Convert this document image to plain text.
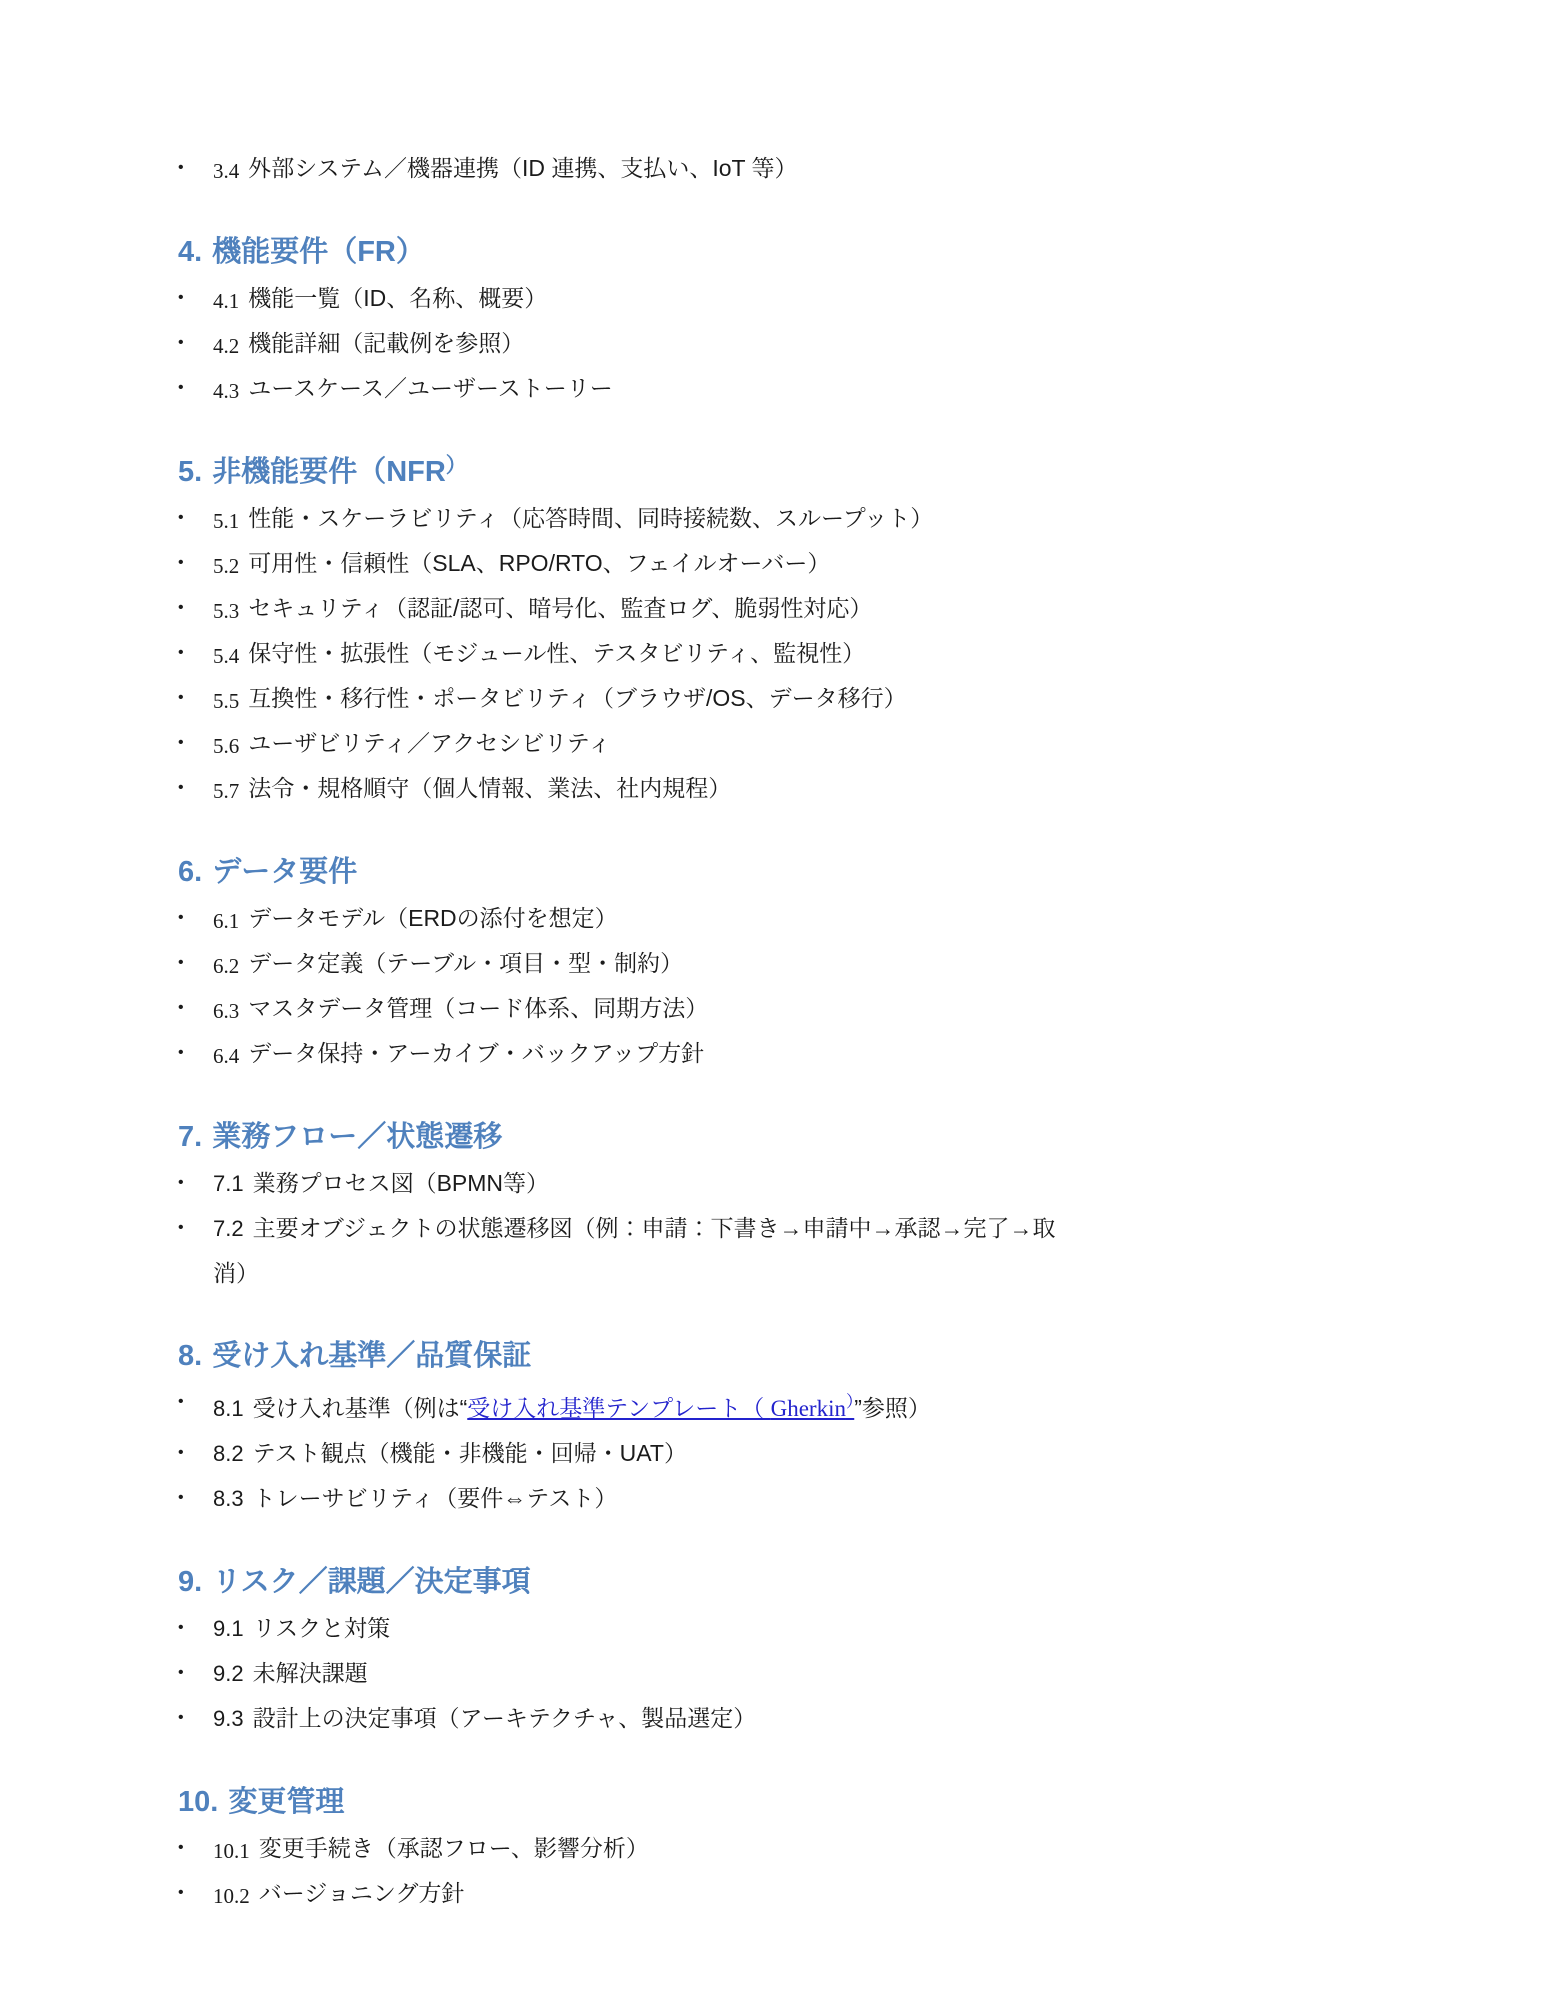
•	3.4 外部システム／機器連携（ID 連携、支払い、IoT 等）
4. 機能要件（FR）
•	4.1 機能一覧（ID、名称、概要）
•	4.2 機能詳細（記載例を参照）
•	4.3 ユースケース／ユーザーストーリー
5. 非機能要件（NFR）
•	5.1 性能・スケーラビリティ（応答時間、同時接続数、スループット）
•	5.2 可用性・信頼性（SLA、RPO/RTO、フェイルオーバー）
•	5.3 セキュリティ（認証/認可、暗号化、監査ログ、脆弱性対応）
•	5.4 保守性・拡張性（モジュール性、テスタビリティ、監視性）
•	5.5 互換性・移行性・ポータビリティ（ブラウザ/OS、データ移行）
•	5.6 ユーザビリティ／アクセシビリティ
•	5.7 法令・規格順守（個人情報、業法、社内規程）
6. データ要件
•	6.1 データモデル（ERDの添付を想定）
•	6.2 データ定義（テーブル・項目・型・制約）
•	6.3 マスタデータ管理（コード体系、同期方法）
•	6.4 データ保持・アーカイブ・バックアップ方針
7. 業務フロー／状態遷移
•	7.1 業務プロセス図（BPMN等）
•	7.2 主要オブジェクトの状態遷移図（例：申請：下書き→申請中→承認→完了→取
消）
8. 受け入れ基準／品質保証
•	8.1 受け入れ基準（例は“受け入れ基準テンプレート（ Gherkin）”参照）
•	8.2 テスト観点（機能・非機能・回帰・UAT）
•	8.3 トレーサビリティ（要件⇔テスト）
9. リスク／課題／決定事項
•	9.1 リスクと対策
•	9.2 未解決課題
•	9.3 設計上の決定事項（アーキテクチャ、製品選定）
10. 変更管理
•	10.1 変更手続き（承認フロー、影響分析）
•	10.2 バージョニング方針
